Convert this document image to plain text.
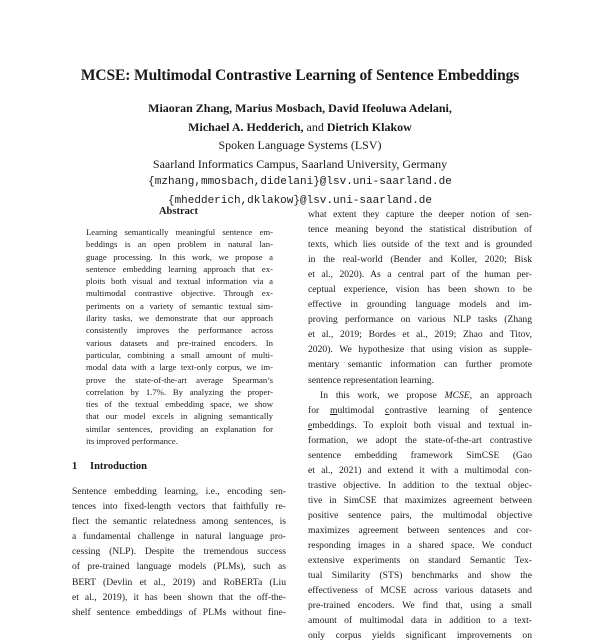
MCSE: Multimodal Contrastive Learning of Sentence Embeddings
Miaoran Zhang, Marius Mosbach, David Ifeoluwa Adelani,
Michael A. Hedderich, and Dietrich Klakow
Spoken Language Systems (LSV)
Saarland Informatics Campus, Saarland University, Germany
{mzhang,mmosbach,didelani}@lsv.uni-saarland.de
{mhedderich,dklakow}@lsv.uni-saarland.de
Abstract
Learning semantically meaningful sentence em-
beddings is an open problem in natural lan-
guage processing. In this work, we propose a
sentence embedding learning approach that ex-
ploits both visual and textual information via a
multimodal contrastive objective. Through ex-
periments on a variety of semantic textual sim-
ilarity tasks, we demonstrate that our approach
consistently improves the performance across
various datasets and pre-trained encoders. In
particular, combining a small amount of multi-
modal data with a large text-only corpus, we im-
prove the state-of-the-art average Spearman’s
correlation by 1.7%. By analyzing the proper-
ties of the textual embedding space, we show
that our model excels in aligning semantically
similar sentences, providing an explanation for
its improved performance.
1 Introduction
Sentence embedding learning, i.e., encoding sen-
tences into fixed-length vectors that faithfully re-
flect the semantic relatedness among sentences, is
a fundamental challenge in natural language pro-
cessing (NLP). Despite the tremendous success
of pre-trained language models (PLMs), such as
BERT (Devlin et al., 2019) and RoBERTa (Liu
et al., 2019), it has been shown that the off-the-
shelf sentence embeddings of PLMs without fine-
what extent they capture the deeper notion of sen-
tence meaning beyond the statistical distribution of
texts, which lies outside of the text and is grounded
in the real-world (Bender and Koller, 2020; Bisk
et al., 2020). As a central part of the human per-
ceptual experience, vision has been shown to be
effective in grounding language models and im-
proving performance on various NLP tasks (Zhang
et al., 2019; Bordes et al., 2019; Zhao and Titov,
2020). We hypothesize that using vision as supple-
mentary semantic information can further promote
sentence representation learning.
In this work, we propose MCSE, an approach
for multimodal contrastive learning of sentence
embeddings. To exploit both visual and textual in-
formation, we adopt the state-of-the-art contrastive
sentence embedding framework SimCSE (Gao
et al., 2021) and extend it with a multimodal con-
trastive objective. In addition to the textual objec-
tive in SimCSE that maximizes agreement between
positive sentence pairs, the multimodal objective
maximizes agreement between sentences and cor-
responding images in a shared space. We conduct
extensive experiments on standard Semantic Tex-
tual Similarity (STS) benchmarks and show the
effectiveness of MCSE across various datasets and
pre-trained encoders. We find that, using a small
amount of multimodal data in addition to a text-
only corpus yields significant improvements on
